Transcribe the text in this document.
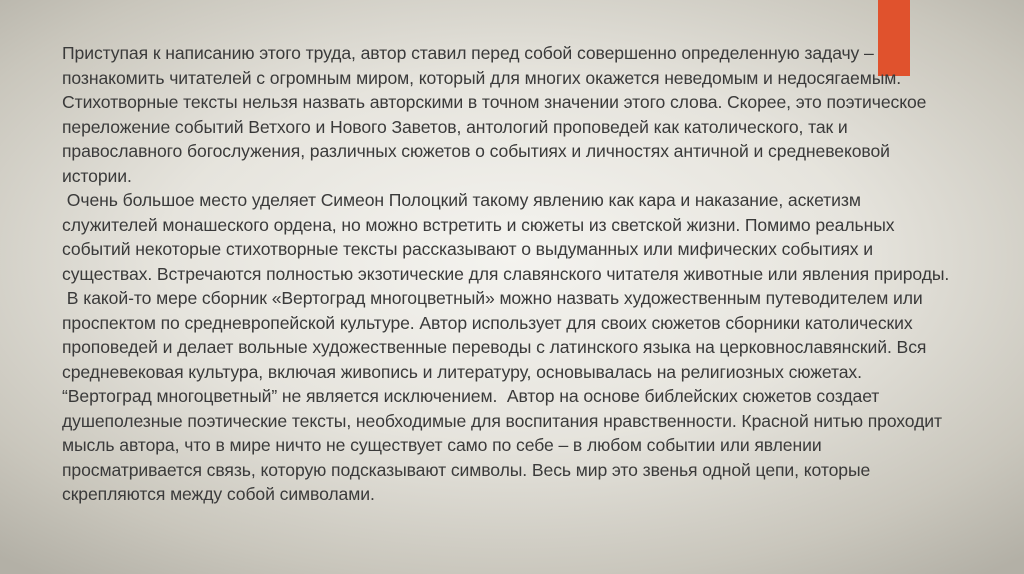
Приступая к написанию этого труда, автор ставил перед собой совершенно определенную задачу –
познакомить читателей с огромным миром, который для многих окажется неведомым и недосягаемым.
Стихотворные тексты нельзя назвать авторскими в точном значении этого слова. Скорее, это поэтическое
переложение событий Ветхого и Нового Заветов, антологий проповедей как католического, так и
православного богослужения, различных сюжетов о событиях и личностях античной и средневековой
истории.
Очень большое место уделяет Симеон Полоцкий такому явлению как кара и наказание, аскетизм
служителей монашеского ордена, но можно встретить и сюжеты из светской жизни. Помимо реальных
событий некоторые стихотворные тексты рассказывают о выдуманных или мифических событиях и
существах. Встречаются полностью экзотические для славянского читателя животные или явления природы.
В какой-то мере сборник «Вертоград многоцветный» можно назвать художественным путеводителем или
проспектом по средневропейской культуре. Автор использует для своих сюжетов сборники католических
проповедей и делает вольные художественные переводы с латинского языка на церковнославянский. Вся
средневековая культура, включая живопись и литературу, основывалась на религиозных сюжетах.
“Вертоград многоцветный” не является исключением.  Автор на основе библейских сюжетов создает
душеполезные поэтические тексты, необходимые для воспитания нравственности. Красной нитью проходит
мысль автора, что в мире ничто не существует само по себе – в любом событии или явлении
просматривается связь, которую подсказывают символы. Весь мир это звенья одной цепи, которые
скрепляются между собой символами.
